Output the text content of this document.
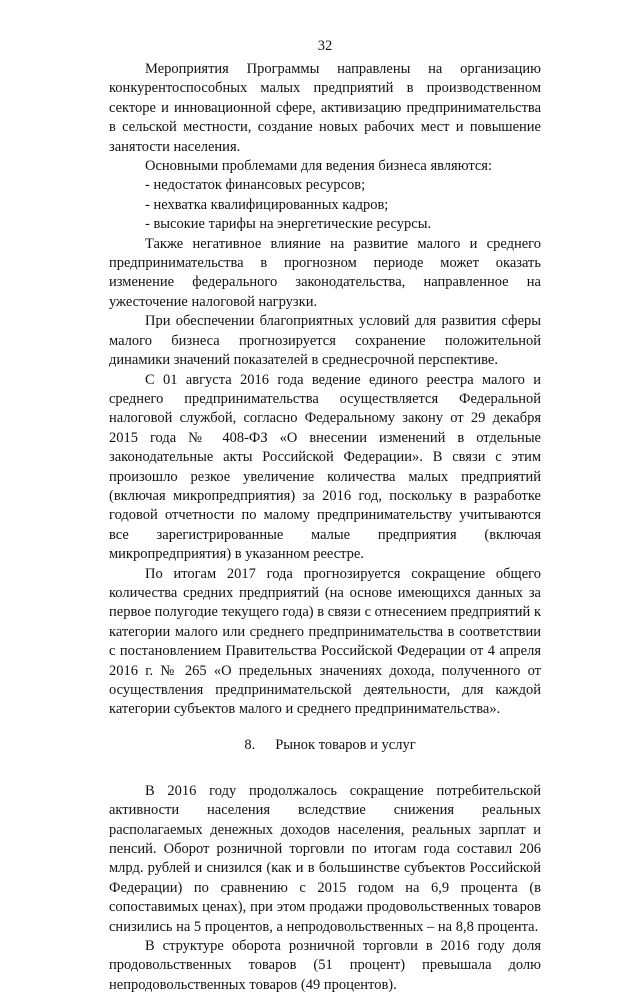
32

Мероприятия Программы направлены на организацию конкурентоспособных малых предприятий в производственном секторе и инновационной сфере, активизацию предпринимательства в сельской местности, создание новых рабочих мест и повышение занятости населения.

Основными проблемами для ведения бизнеса являются:

- недостаток финансовых ресурсов;

- нехватка квалифицированных кадров;

- высокие тарифы на энергетические ресурсы.

Также негативное влияние на развитие малого и среднего предпринимательства в прогнозном периоде может оказать изменение федерального законодательства, направленное на ужесточение налоговой нагрузки.

При обеспечении благоприятных условий для развития сферы малого бизнеса прогнозируется сохранение положительной динамики значений показателей в среднесрочной перспективе.

С 01 августа 2016 года ведение единого реестра малого и среднего предпринимательства осуществляется Федеральной налоговой службой, согласно Федеральному закону от 29 декабря 2015 года № 408-ФЗ «О внесении изменений в отдельные законодательные акты Российской Федерации». В связи с этим произошло резкое увеличение количества малых предприятий (включая микропредприятия) за 2016 год, поскольку в разработке годовой отчетности по малому предпринимательству учитываются все зарегистрированные малые предприятия (включая микропредприятия) в указанном реестре.

По итогам 2017 года прогнозируется сокращение общего количества средних предприятий (на основе имеющихся данных за первое полугодие текущего года) в связи с отнесением предприятий к категории малого или среднего предпринимательства в соответствии с постановлением Правительства Российской Федерации от 4 апреля 2016 г. № 265 «О предельных значениях дохода, полученного от осуществления предпринимательской деятельности, для каждой категории субъектов малого и среднего предпринимательства».

8. Рынок товаров и услуг

В 2016 году продолжалось сокращение потребительской активности населения вследствие снижения реальных располагаемых денежных доходов населения, реальных зарплат и пенсий. Оборот розничной торговли по итогам года составил 206 млрд. рублей и снизился (как и в большинстве субъектов Российской Федерации) по сравнению с 2015 годом на 6,9 процента (в сопоставимых ценах), при этом продажи продовольственных товаров снизились на 5 процентов, а непродовольственных – на 8,8 процента.

В структуре оборота розничной торговли в 2016 году доля продовольственных товаров (51 процент) превышала долю непродовольственных товаров (49 процентов).
